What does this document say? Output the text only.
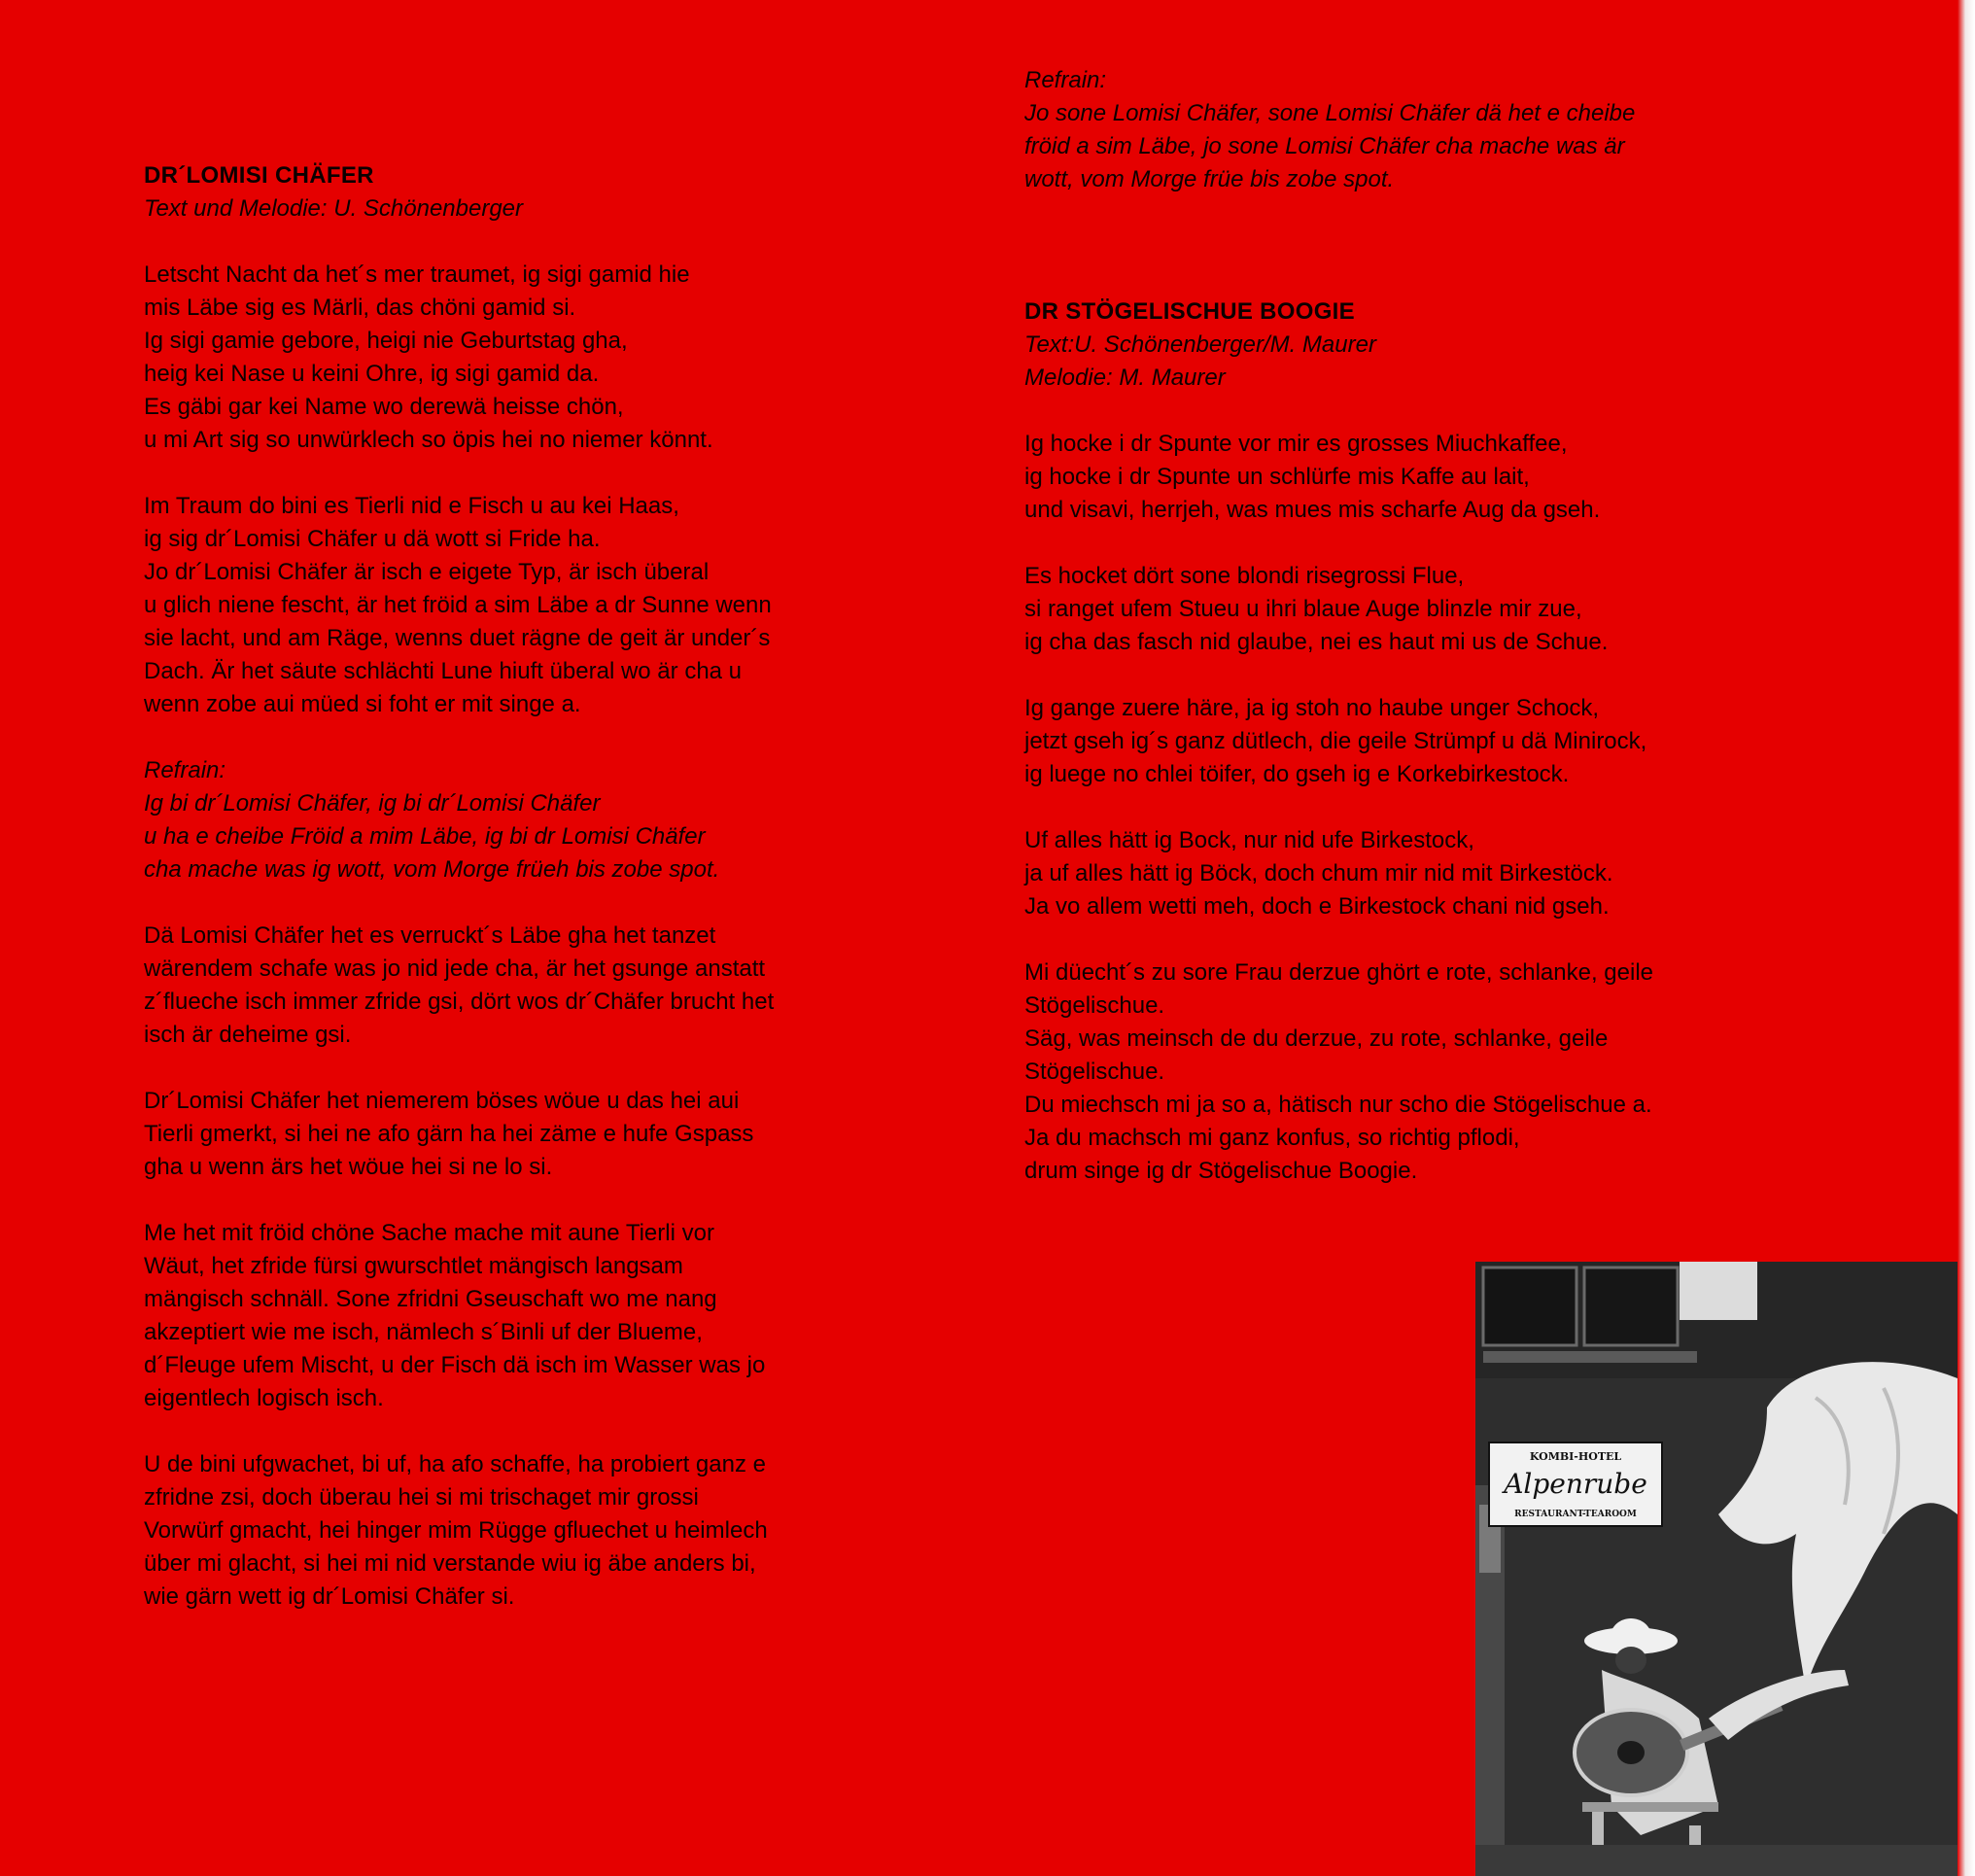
DR´LOMISI CHÄFER

Text und Melodie: U. Schönenberger

Letscht Nacht da het´s mer traumet, ig sigi gamid hie
mis Läbe sig es Märli, das chöni gamid si.
Ig sigi gamie gebore, heigi nie Geburtstag gha,
heig kei Nase u keini Ohre, ig sigi gamid da.
Es gäbi gar kei Name wo derewä heisse chön,
u mi Art sig so unwürklech so öpis hei no niemer könnt.
Im Traum do bini es Tierli nid e Fisch u au kei Haas,
ig sig dr´Lomisi Chäfer u dä wott si Fride ha.
Jo dr´Lomisi Chäfer är isch e eigete Typ, är isch überal
u glich niene fescht, är het fröid a sim Läbe a dr Sunne wenn
sie lacht, und am Räge, wenns duet rägne de geit är under´s
Dach. Är het säute schlächti Lune hiuft überal wo är cha u
wenn zobe aui müed si foht er mit singe a.
Refrain:
Ig bi dr´Lomisi Chäfer, ig bi dr´Lomisi Chäfer
u ha e cheibe Fröid a mim Läbe, ig bi dr Lomisi Chäfer
cha mache was ig wott, vom Morge früeh bis zobe spot.
Dä Lomisi Chäfer het es verruckt´s Läbe gha het tanzet
wärendem schafe was jo nid jede cha, är het gsunge anstatt
z´flueche isch immer zfride gsi, dört wos dr´Chäfer brucht het
isch är deheime gsi.
Dr´Lomisi Chäfer het niemerem böses wöue u das hei aui
Tierli gmerkt, si hei ne afo gärn ha hei zäme e hufe Gspass
gha u wenn ärs het wöue hei si ne lo si.
Me het mit fröid chöne Sache mache mit aune Tierli vor
Wäut, het zfride fürsi gwurschtlet mängisch langsam
mängisch schnäll. Sone zfridni Gseuschaft wo me nang
akzeptiert wie me isch, nämlech s´Binli uf der Blueme,
d´Fleuge ufem Mischt, u der Fisch dä isch im Wasser was jo
eigentlech logisch isch.
U de bini ufgwachet, bi uf, ha afo schaffe, ha probiert ganz e
zfridne zsi, doch überau hei si mi trischaget mir grossi
Vorwürf gmacht, hei hinger mim Rügge gfluechet u heimlech
über mi glacht, si hei mi nid verstande wiu ig äbe anders bi,
wie gärn wett ig dr´Lomisi Chäfer si.
Refrain:
Jo sone Lomisi Chäfer, sone Lomisi Chäfer dä het e cheibe
fröid a sim Läbe, jo sone Lomisi Chäfer cha mache was är
wott, vom Morge früe bis zobe spot.

DR STÖGELISCHUE BOOGIE

Text:U. Schönenberger/M. Maurer

Melodie: M. Maurer

Ig hocke i dr Spunte vor mir es grosses Miuchkaffee,
ig hocke i dr Spunte un schlürfe mis Kaffe au lait,
und visavi, herrjeh, was mues mis scharfe Aug da gseh.
Es hocket dört sone blondi risegrossi Flue,
si ranget ufem Stueu u ihri blaue Auge blinzle mir zue,
ig cha das fasch nid glaube, nei es haut mi us de Schue.
Ig gange zuere häre, ja ig stoh no haube unger Schock,
jetzt gseh ig´s ganz dütlech, die geile Strümpf u dä Minirock,
ig luege no chlei töifer, do gseh ig e Korkebirkestock.
Uf alles hätt ig Bock, nur nid ufe Birkestock,
ja uf alles hätt ig Böck, doch chum mir nid mit Birkestöck.
Ja vo allem wetti meh, doch e Birkestock chani nid gseh.
Mi düecht´s zu sore Frau derzue ghört e rote, schlanke, geile
Stögelischue.
Säg, was meinsch de du derzue, zu rote, schlanke, geile
Stögelischue.
Du miechsch mi ja so a, hätisch nur scho die Stögelischue a.
Ja du machsch mi ganz konfus, so richtig pflodi,
drum singe ig dr Stögelischue Boogie.
KOMBI-HOTEL
Alpenrube
RESTAURANT-TEAROOM
